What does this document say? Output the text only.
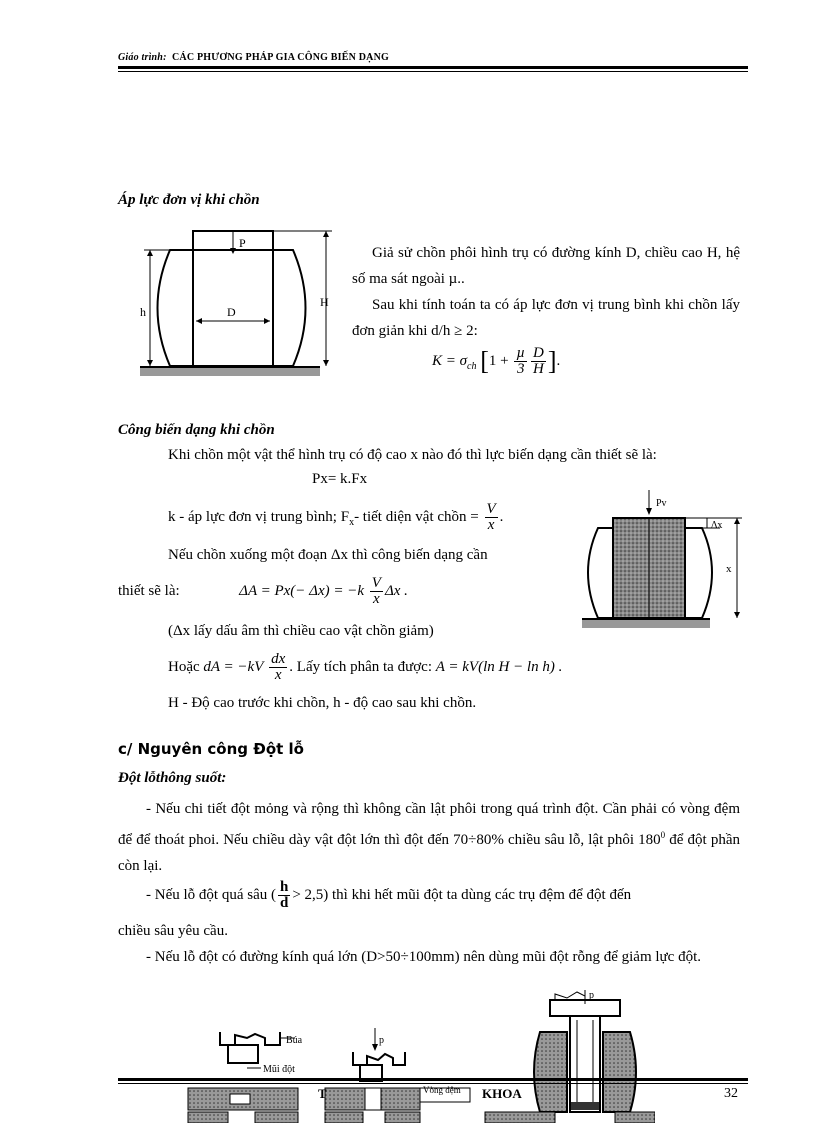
Giáo trình: CÁC PHƯƠNG PHÁP GIA CÔNG BIẾN DẠNG
Áp lực đơn vị khi chồn
P
D
h
H
Giả sử chồn phôi hình trụ có đường kính D, chiều cao H, hệ số ma sát ngoài µ..
Sau khi tính toán ta có áp lực đơn vị trung bình khi chồn lấy đơn giản khi d/h ≥ 2:
$K = \sigma_{ch}$ [$1 + \frac{\text{µ}}{3} \frac{D}{H}$ ].
Công biến dạng khi chồn
Khi chồn một vật thể hình trụ có độ cao x nào đó thì lực biến dạng cần thiết sẽ là:
Px= k.Fx
k - áp lực đơn vị trung bình; $F_x-$ tiết diện vật chồn = $\frac{V}{x}$ .
Nếu chồn xuống một đoạn Δx thì công biến dạng cần
thiết sẽ là:	$\Delta A = Px(- \Delta x) = -k \frac{V}{x}$ Δx .
(Δx lấy dấu âm thì chiều cao vật chồn giảm)
Hoặc dA = $-kV \frac{dx}{x}$ . Lấy tích phân ta được: A = kV(ln H − ln h) .
H - Độ cao trước khi chồn, h - độ cao sau khi chồn.
Pv
Δx
x
c/ Nguyên công Đột lỗ
Đột lỗthông suốt:
- Nếu chi tiết đột mỏng và rộng thì không cần lật phôi trong quá trình đột. Cần phải có vòng đệm để để thoát phoi. Nếu chiều dày vật đột lớn thì đột đến 70÷80% chiều sâu lỗ, lật phôi $180^0$ để đột phần còn lại.
- Nếu lỗ đột quá sâu ( $\frac{h}{d} > 2,5$) thì khi hết mũi đột ta dùng các trụ đệm để đột đến
chiều sâu yêu cầu.
- Nếu lỗ đột có đường kính quá lớn (D>50÷100mm) nên dùng mũi đột rỗng để giảm lực đột.
Búa
Mũi đột
p
Vòng đệm
p
T	KHOA	32
